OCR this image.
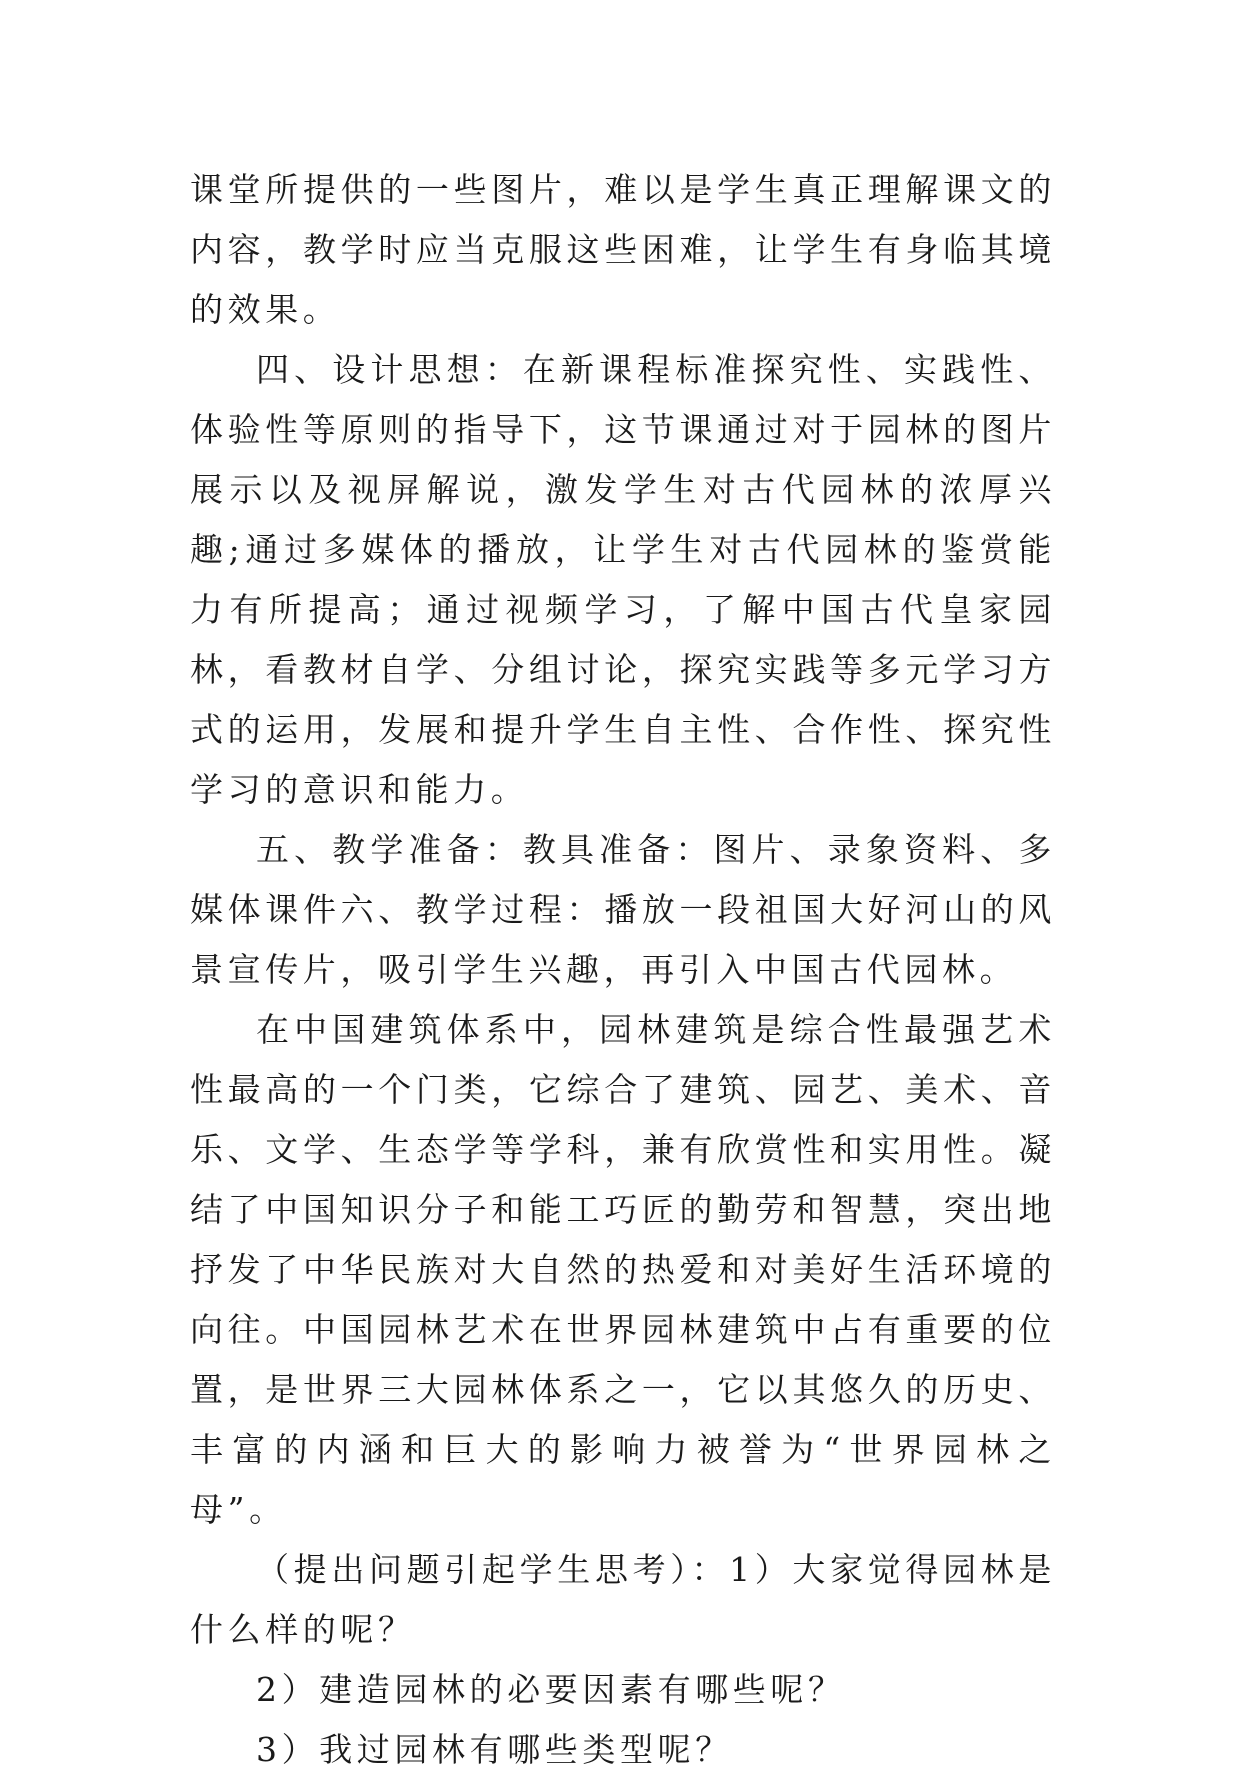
课堂所提供的一些图片，难以是学生真正理解课文的内容，教学时应当克服这些困难，让学生有身临其境的效果。

四、设计思想：在新课程标准探究性、实践性、体验性等原则的指导下，这节课通过对于园林的图片展示以及视屏解说，激发学生对古代园林的浓厚兴趣;通过多媒体的播放，让学生对古代园林的鉴赏能力有所提高；通过视频学习，了解中国古代皇家园林，看教材自学、分组讨论，探究实践等多元学习方式的运用，发展和提升学生自主性、合作性、探究性学习的意识和能力。

五、教学准备：教具准备：图片、录象资料、多媒体课件六、教学过程：播放一段祖国大好河山的风景宣传片，吸引学生兴趣，再引入中国古代园林。

在中国建筑体系中，园林建筑是综合性最强艺术性最高的一个门类，它综合了建筑、园艺、美术、音乐、文学、生态学等学科，兼有欣赏性和实用性。凝结了中国知识分子和能工巧匠的勤劳和智慧，突出地抒发了中华民族对大自然的热爱和对美好生活环境的向往。中国园林艺术在世界园林建筑中占有重要的位置，是世界三大园林体系之一，它以其悠久的历史、丰富的内涵和巨大的影响力被誉为“世界园林之母”。

（提出问题引起学生思考）：1）大家觉得园林是什么样的呢？

2）建造园林的必要因素有哪些呢？

3）我过园林有哪些类型呢？
